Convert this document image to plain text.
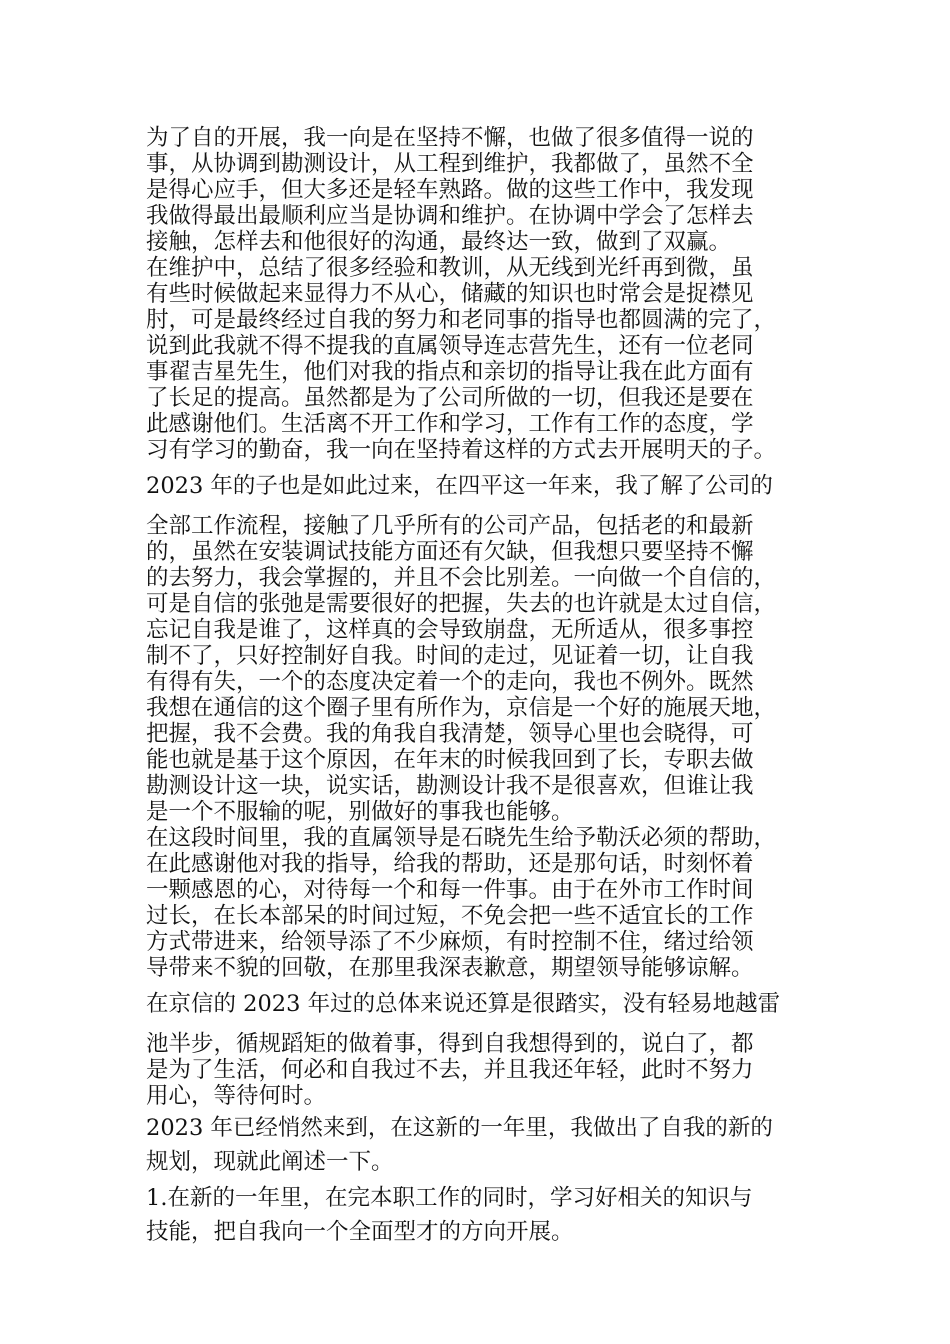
为了自的开展，我一向是在坚持不懈，也做了很多值得一说的
事，从协调到勘测设计，从工程到维护，我都做了，虽然不全
是得心应手，但大多还是轻车熟路。做的这些工作中，我发现
我做得最出最顺利应当是协调和维护。在协调中学会了怎样去
接触，怎样去和他很好的沟通，最终达一致，做到了双赢。

在维护中，总结了很多经验和教训，从无线到光纤再到微，虽
有些时候做起来显得力不从心，储藏的知识也时常会是捉襟见
肘，可是最终经过自我的努力和老同事的指导也都圆满的完了，
说到此我就不得不提我的直属领导连志营先生，还有一位老同
事翟吉星先生，他们对我的指点和亲切的指导让我在此方面有
了长足的提高。虽然都是为了公司所做的一切，但我还是要在
此感谢他们。生活离不开工作和学习，工作有工作的态度，学
习有学习的勤奋，我一向在坚持着这样的方式去开展明天的子。

2023 年的子也是如此过来，在四平这一年来，我了解了公司的

全部工作流程，接触了几乎所有的公司产品，包括老的和最新
的，虽然在安装调试技能方面还有欠缺，但我想只要坚持不懈
的去努力，我会掌握的，并且不会比别差。一向做一个自信的，
可是自信的张弛是需要很好的把握，失去的也许就是太过自信，
忘记自我是谁了，这样真的会导致崩盘，无所适从，很多事控
制不了，只好控制好自我。时间的走过，见证着一切，让自我
有得有失，一个的态度决定着一个的走向，我也不例外。既然
我想在通信的这个圈子里有所作为，京信是一个好的施展天地，
把握，我不会费。我的角我自我清楚，领导心里也会晓得，可
能也就是基于这个原因，在年末的时候我回到了长，专职去做
勘测设计这一块，说实话，勘测设计我不是很喜欢，但谁让我
是一个不服输的呢，别做好的事我也能够。

在这段时间里，我的直属领导是石晓先生给予勒沃必须的帮助，
在此感谢他对我的指导，给我的帮助，还是那句话，时刻怀着
一颗感恩的心，对待每一个和每一件事。由于在外市工作时间
过长，在长本部呆的时间过短，不免会把一些不适宜长的工作
方式带进来，给领导添了不少麻烦，有时控制不住，绪过给领
导带来不貌的回敬，在那里我深表歉意，期望领导能够谅解。

在京信的 2023 年过的总体来说还算是很踏实，没有轻易地越雷

池半步，循规蹈矩的做着事，得到自我想得到的，说白了，都
是为了生活，何必和自我过不去，并且我还年轻，此时不努力
用心，等待何时。

2023 年已经悄然来到，在这新的一年里，我做出了自我的新的
规划，现就此阐述一下。

1.在新的一年里，在完本职工作的同时，学习好相关的知识与
技能，把自我向一个全面型才的方向开展。
